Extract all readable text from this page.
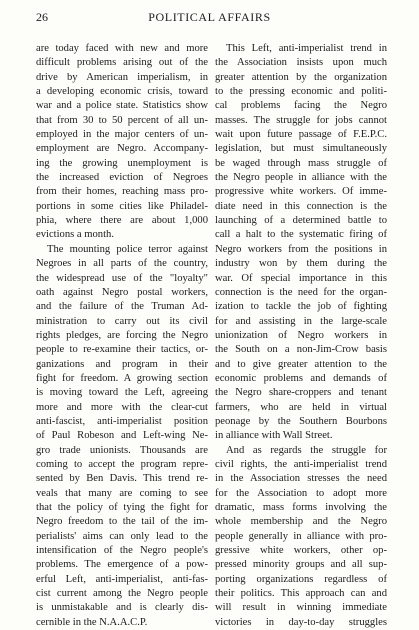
26	POLITICAL AFFAIRS

are today faced with new and more
difficult problems arising out of the
drive by American imperialism, in
a developing economic crisis, toward
war and a police state. Statistics show
that from 30 to 50 percent of all un-
employed in the major centers of un-
employment are Negro. Accompany-
ing the growing unemployment is
the increased eviction of Negroes
from their homes, reaching mass pro-
portions in some cities like Philadel-
phia, where there are about 1,000
evictions a month.

The mounting police terror against
Negroes in all parts of the country,
the widespread use of the "loyalty"
oath against Negro postal workers,
and the failure of the Truman Ad-
ministration to carry out its civil
rights pledges, are forcing the Negro
people to re-examine their tactics, or-
ganizations and program in their
fight for freedom. A growing section
is moving toward the Left, agreeing
more and more with the clear-cut
anti-fascist, anti-imperialist position
of Paul Robeson and Left-wing Ne-
gro trade unionists. Thousands are
coming to accept the program repre-
sented by Ben Davis. This trend re-
veals that many are coming to see
that the policy of tying the fight for
Negro freedom to the tail of the im-
perialists' aims can only lead to the
intensification of the Negro people's
problems. The emergence of a pow-
erful Left, anti-imperialist, anti-fas-
cist current among the Negro people
is unmistakable and is clearly dis-
cernible in the N.A.A.C.P.

This Left, anti-imperialist trend in
the Association insists upon much
greater attention by the organization
to the pressing economic and politi-
cal problems facing the Negro
masses. The struggle for jobs cannot
wait upon future passage of F.E.P.C.
legislation, but must simultaneously
be waged through mass struggle of
the Negro people in alliance with the
progressive white workers. Of imme-
diate need in this connection is the
launching of a determined battle to
call a halt to the systematic firing of
Negro workers from the positions in
industry won by them during the
war. Of special importance in this
connection is the need for the organ-
ization to tackle the job of fighting
for and assisting in the large-scale
unionization of Negro workers in
the South on a non-Jim-Crow basis
and to give greater attention to the
economic problems and demands of
the Negro share-croppers and tenant
farmers, who are held in virtual
peonage by the Southern Bourbons
in alliance with Wall Street.

And as regards the struggle for
civil rights, the anti-imperialist trend
in the Association stresses the need
for the Association to adopt more
dramatic, mass forms involving the
whole membership and the Negro
people generally in alliance with pro-
gressive white workers, other op-
pressed minority groups and all sup-
porting organizations regardless of
their politics. This approach can and
will result in winning immediate
victories in day-to-day struggles
